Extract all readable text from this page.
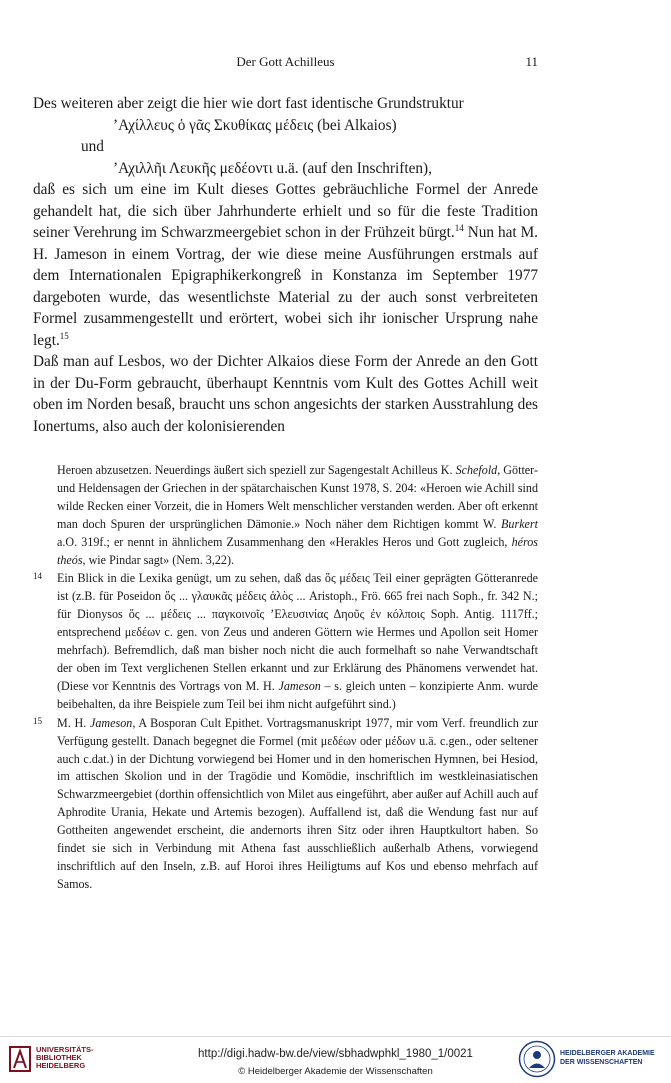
Der Gott Achilleus	11

Des weiteren aber zeigt die hier wie dort fast identische Grundstruktur

’Αχίλλευς ὁ γᾶς Σκυθίκας μέδεις (bei Alkaios)

und

’Αχιλλῆι Λευκῆς μεδέοντι u.ä. (auf den Inschriften),

daß es sich um eine im Kult dieses Gottes gebräuchliche Formel der Anrede gehandelt hat, die sich über Jahrhunderte erhielt und so für die feste Tradition seiner Verehrung im Schwarzmeergebiet schon in der Frühzeit bürgt.$^{14}$ Nun hat M. H. Jameson in einem Vortrag, der wie diese meine Ausführungen erstmals auf dem Internationalen Epigraphikerkongreß in Konstanza im September 1977 dargeboten wurde, das wesentlichste Material zu der auch sonst verbreiteten Formel zusammengestellt und erörtert, wobei sich ihr ionischer Ursprung nahe legt.$^{15}$

Daß man auf Lesbos, wo der Dichter Alkaios diese Form der Anrede an den Gott in der Du-Form gebraucht, überhaupt Kenntnis vom Kult des Gottes Achill weit oben im Norden besaß, braucht uns schon angesichts der starken Ausstrahlung des Ionertums, also auch der kolonisierenden

Heroen abzusetzen. Neuerdings äußert sich speziell zur Sagengestalt Achilleus K. Schefold, Götter- und Heldensagen der Griechen in der spätarchaischen Kunst 1978, S. 204: «Heroen wie Achill sind wilde Recken einer Vorzeit, die in Homers Welt menschlicher verstanden werden. Aber oft erkennt man doch Spuren der ursprünglichen Dämonie.» Noch näher dem Richtigen kommt W. Burkert a.O. 319f.; er nennt in ähnlichem Zusammenhang den «Herakles Heros und Gott zugleich, héros theós, wie Pindar sagt» (Nem. 3,22).
14 Ein Blick in die Lexika genügt, um zu sehen, daß das ὅς μέδεις Teil einer geprägten Götteranrede ist (z.B. für Poseidon ὅς ... γλαυκᾶς μέδεις ἁλὸς ... Aristoph., Frö. 665 frei nach Soph., fr. 342 N.; für Dionysos ὅς ... μέδεις ... παγκοινοῖς ’Ελευσινίας Δηοῦς ἐν κόλποις Soph. Antig. 1117ff.; entsprechend μεδέων c. gen. von Zeus und anderen Göttern wie Hermes und Apollon seit Homer mehrfach). Befremdlich, daß man bisher noch nicht die auch formelhaft so nahe Verwandtschaft der oben im Text verglichenen Stellen erkannt und zur Erklärung des Phänomens verwendet hat. (Diese vor Kenntnis des Vortrags von M. H. Jameson – s. gleich unten – konzipierte Anm. wurde beibehalten, da ihre Beispiele zum Teil bei ihm nicht aufgeführt sind.)
15 M. H. Jameson, A Bosporan Cult Epithet. Vortragsmanuskript 1977, mir vom Verf. freundlich zur Verfügung gestellt. Danach begegnet die Formel (mit μεδέων oder μέδων u.ä. c.gen., oder seltener auch c.dat.) in der Dichtung vorwiegend bei Homer und in den homerischen Hymnen, bei Hesiod, im attischen Skolion und in der Tragödie und Komödie, inschriftlich im westkleinasiatischen Schwarzmeergebiet (dorthin offensichtlich von Milet aus eingeführt, aber außer auf Achill auch auf Aphrodite Urania, Hekate und Artemis bezogen). Auffallend ist, daß die Wendung fast nur auf Gottheiten angewendet erscheint, die andernorts ihren Sitz oder ihren Hauptkultort haben. So findet sie sich in Verbindung mit Athena fast ausschließlich außerhalb Athens, vorwiegend inschriftlich auf den Inseln, z.B. auf Horoi ihres Heiligtums auf Kos und ebenso mehrfach auf Samos.
UNIVERSITÄTS-
BIBLIOTHEK
HEIDELBERG
http://digi.hadw-bw.de/view/sbhadwphkl_1980_1/0021
© Heidelberger Akademie der Wissenschaften
HEIDELBERGER AKADEMIE
DER WISSENSCHAFTEN
